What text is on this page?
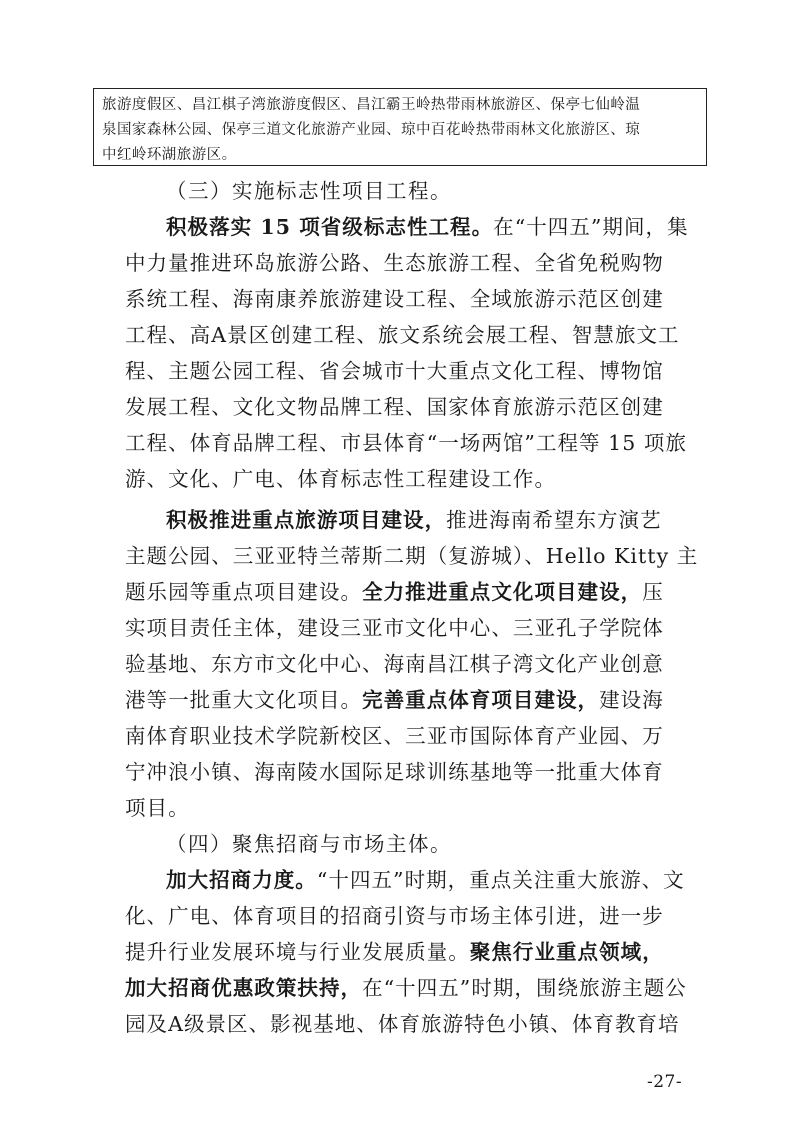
旅游度假区、昌江棋子湾旅游度假区、昌江霸王岭热带雨林旅游区、保亭七仙岭温
泉国家森林公园、保亭三道文化旅游产业园、琼中百花岭热带雨林文化旅游区、琼
中红岭环湖旅游区。
（三）实施标志性项目工程。
积极落实 15 项省级标志性工程。在“十四五”期间，集
中力量推进环岛旅游公路、生态旅游工程、全省免税购物
系统工程、海南康养旅游建设工程、全域旅游示范区创建
工程、高A景区创建工程、旅文系统会展工程、智慧旅文工
程、主题公园工程、省会城市十大重点文化工程、博物馆
发展工程、文化文物品牌工程、国家体育旅游示范区创建
工程、体育品牌工程、市县体育“一场两馆”工程等 15 项旅
游、文化、广电、体育标志性工程建设工作。
积极推进重点旅游项目建设，推进海南希望东方演艺
主题公园、三亚亚特兰蒂斯二期（复游城）、Hello Kitty 主
题乐园等重点项目建设。全力推进重点文化项目建设，压
实项目责任主体，建设三亚市文化中心、三亚孔子学院体
验基地、东方市文化中心、海南昌江棋子湾文化产业创意
港等一批重大文化项目。完善重点体育项目建设，建设海
南体育职业技术学院新校区、三亚市国际体育产业园、万
宁冲浪小镇、海南陵水国际足球训练基地等一批重大体育
项目。
（四）聚焦招商与市场主体。
加大招商力度。“十四五”时期，重点关注重大旅游、文
化、广电、体育项目的招商引资与市场主体引进，进一步
提升行业发展环境与行业发展质量。聚焦行业重点领域，
加大招商优惠政策扶持，在“十四五”时期，围绕旅游主题公
园及A级景区、影视基地、体育旅游特色小镇、体育教育培
-27-
